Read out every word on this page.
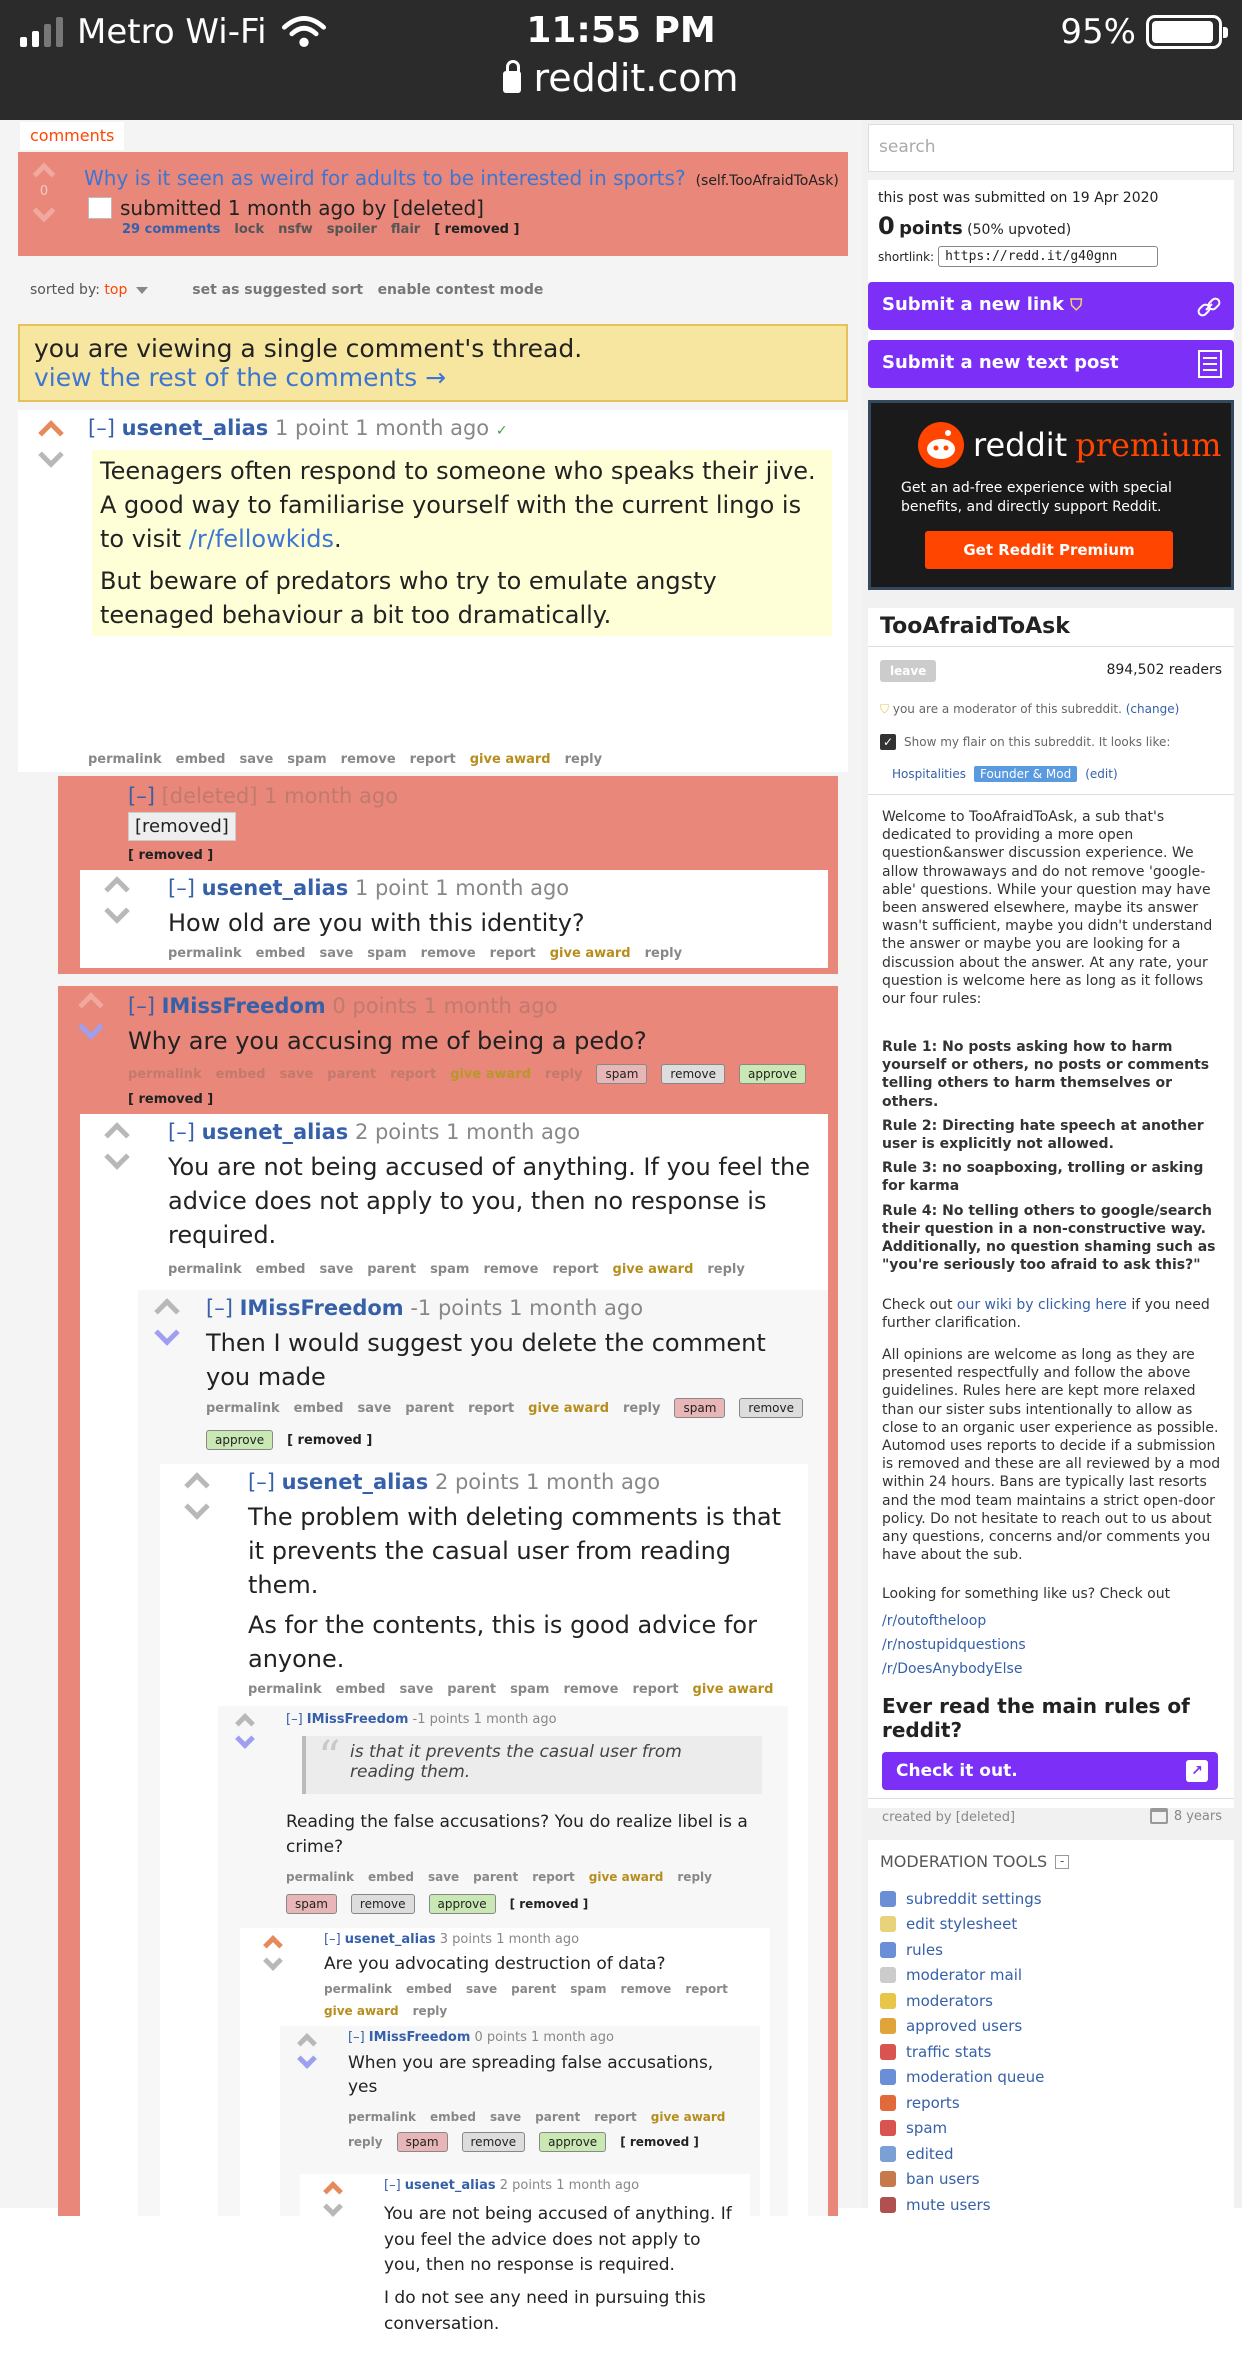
Metro Wi-Fi	11:55 PM	95%
reddit.com
comments
0
Why is it seen as weird for adults to be interested in sports? (self.TooAfraidToAsk)
submitted 1 month ago by [deleted]
29 comments lock nsfw spoiler flair [ removed ]
sorted by: top	set as suggested sort enable contest mode
you are viewing a single comment's thread.
view the rest of the comments →
[–] usenet_alias 1 point 1 month ago ✓

Teenagers often respond to someone who speaks their jive. A good way to familiarise yourself with the current lingo is to visit /r/fellowkids.

But beware of predators who try to emulate angsty teenaged behaviour a bit too dramatically.

permalink embed save spam remove report give award reply
[–] [deleted] 1 month ago
[removed]
[ removed ]
[–] usenet_alias 1 point 1 month ago
How old are you with this identity?
permalink embed save spam remove report give award reply
[–] IMissFreedom 0 points 1 month ago
Why are you accusing me of being a pedo?
permalink embed save parent report give award reply	spam	remove	approve
[ removed ]
[–] usenet_alias 2 points 1 month ago
You are not being accused of anything. If you feel the advice does not apply to you, then no response is required.
permalink embed save parent spam remove report give award reply
[–] IMissFreedom -1 points 1 month ago
Then I would suggest you delete the comment you made
permalink embed save parent report give award reply	spam	remove
approve	[ removed ]
[–] usenet_alias 2 points 1 month ago
The problem with deleting comments is that it prevents the casual user from reading them.
As for the contents, this is good advice for anyone.
permalink embed save parent spam remove report give award
[–] IMissFreedom -1 points 1 month ago
“ is that it prevents the casual user from reading them.
Reading the false accusations? You do realize libel is a crime?
permalink embed save parent report give award reply
spam	remove	approve	[ removed ]
[–] usenet_alias 3 points 1 month ago
Are you advocating destruction of data?
permalink embed save parent spam remove report
give award reply
[–] IMissFreedom 0 points 1 month ago
When you are spreading false accusations, yes
permalink embed save parent report give award
reply	spam	remove	approve	[ removed ]
[–] usenet_alias 2 points 1 month ago
You are not being accused of anything. If you feel the advice does not apply to you, then no response is required.
I do not see any need in pursuing this conversation.
search
this post was submitted on 19 Apr 2020
0 points (50% upvoted)
shortlink: https://redd.it/g40gnn
Submit a new link ⛉
Submit a new text post
reddit premium
Get an ad-free experience with special benefits, and directly support Reddit.
Get Reddit Premium
TooAfraidToAsk
leave	894,502 readers
⛉ you are a moderator of this subreddit. (change)
✓ Show my flair on this subreddit. It looks like:
Hospitalities	Founder & Mod	(edit)
Welcome to TooAfraidToAsk, a sub that's dedicated to providing a more open question&answer discussion experience. We allow throwaways and do not remove 'google-able' questions. While your question may have been answered elsewhere, maybe its answer wasn't sufficient, maybe you didn't understand the answer or maybe you are looking for a discussion about the answer. At any rate, your question is welcome here as long as it follows our four rules:

Rule 1: No posts asking how to harm yourself or others, no posts or comments telling others to harm themselves or others.

Rule 2: Directing hate speech at another user is explicitly not allowed.

Rule 3: no soapboxing, trolling or asking for karma

Rule 4: No telling others to google/search their question in a non-constructive way. Additionally, no question shaming such as "you're seriously too afraid to ask this?"

Check out our wiki by clicking here if you need further clarification.
All opinions are welcome as long as they are presented respectfully and follow the above guidelines. Rules here are kept more relaxed than our sister subs intentionally to allow as close to an organic user experience as possible. Automod uses reports to decide if a submission is removed and these are all reviewed by a mod within 24 hours. Bans are typically last resorts and the mod team maintains a strict open-door policy. Do not hesitate to reach out to us about any questions, concerns and/or comments you have about the sub.
Looking for something like us? Check out
/r/outoftheloop
/r/nostupidquestions
/r/DoesAnybodyElse
Ever read the main rules of reddit?
Check it out.	↗
created by [deleted]	8 years
MODERATION TOOLS	-
subreddit settings
edit stylesheet
rules
moderator mail
moderators
approved users
traffic stats
moderation queue
reports
spam
edited
ban users
mute users
